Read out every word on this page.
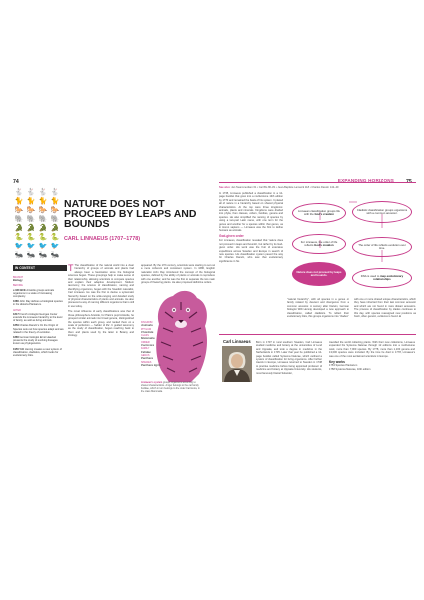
74	EXPANDING HORIZONS
See also: Jan Swammerdam 61 • Carl Bo 80–81 • Jean-Baptiste Lamarck 118 • Charles Darwin 142–49
🐇 🐇 🐇 🐇
🐈 🐈 🐈 🐈
🐎 🐎 🐎 🐎
🐘 🐘 🐘 🐘
🐊 🐊 🐊 🐊
🐍 🐍 🐍 🐍
🐦 🐦 🐦 🐦
🐜 🐜 🐜 🐜
NATURE DOES NOT PROCEED BY LEAPS AND BOUNDS
CARL LINNAEUS (1707–1778)
IN CONTEXT
BRANCH
Biology
BEFORE

c.320 BCE Aristotle groups animals organisms in a scale of increasing complexity.

1686 John Ray defines a biological species in his Historia Plantarum.

AFTER

1817 French zoologist Georges Cuvier extends the Linnaeus hierarchy to the level of family, as well as living animals.

1859 Charles Darwin's On the Origin of Species sets out how species adapt and are related in the theory of evolution.

1866 German biologist Ernst Haeckel presents the study of evolving lineages known as phylogenetics.

1950 Willi Hennig creates a new system of classification, cladistics, which looks for evolutionary links.

T The classification of the natural world into a clear hierarchy of groups of animals and plants had always been a fascination since the biological sciences began. These groupings help to make sense of their relationship, allowing scientists to compare species and explain their adaptive development. Modern taxonomy, the science of classification, naming and identifying organisms, began with the Swedish naturalist, Carl Linnaeus. He was the first to devise a systematic hierarchy based on the wide-ranging and detailed study of physical characteristics of plants and animals. He also pioneered a way of naming different organisms that is still in use today.
The novel influence of early classifications was that of those philosophers Aristotle, for Plato's pupil Aristotle, he grouped similar animals into broad genera, distinguished the species within each group, and ranked them on a scale of perfection — 'ladder of life'. It guided taxonomy as the study of classification, began reaching back to them and plants used by the latter in Botany and Zoology.
appeared. By the 17th century, scientists were starting to set out a more coherent and consistent system. In 1686, English naturalist John Ray introduced the concept of the biological species, defined by the ability of plants or animals to reproduce with one another, and he was the first to separate the two main groups of flowering plants. He also proposed definitive orders.
KINGDOM
Animalia
PHYLUM
Chordata
CLASS
Mammalia
ORDER
Carnivora
FAMILY
Felidae
GENUS
Panthera
SPECIES
Panthera tigris
Linnaeus's system groups organisms according to shared characteristics. A tiger belongs to the cat family Felidae, which in turn belongs to the order Carnivora, in the class Mammalia.
In 1735, Linnaeus published a classification in a 12-page booklet that grew into a multivolume 13th edition by 1770 and remained the basis of his system. It placed all of nature in a hierarchy based on shared physical characteristics. At the top were three kingdoms: animals, plants and minerals. Kingdoms were divided into phyla, then classes, orders, families, genera and species. He also simplified the naming of species by using a two-part Latin name, with one term for the genus and another for a species within that genus, as in Homo sapiens — Linnaeus was the first to define humans as animals.
God-given order
For Linnaeus, classification revealed that 'nature does not proceed in leaps and bounds', but rather by its God-given order. His work was the fruit of extensive expeditions across Sweden and Europe in search of new species. His classification system paved the way for Charles Darwin, who saw that evolutionary significance in his
Linnaean classification groups life with the God's creation
Cladistic classification groups organisms with a common ancestor.
For Linnaeus, the order of life reflects God's creation	The order of life reflects evolution over time.
Nature does not proceed by leaps and bounds.	DNA is used to map evolutionary relationships
"natural hierarchy", with all species in a genus or family related by descent and divergence from a common ancestor. A century after Darwin, German biologist Willi Hennig developed a new approach to classification, called cladistics. To reflect their evolutionary links, this groups organisms into "clades"
with one or more shared unique characteristics, which they have inherited from their last common ancestor and which are not found in more distant ancestors. The process of classification by clades continues to this day, with species reassigned new positions as fresh, often genetic, evidence is found. ■
Carl Linnaeus Born in 1707 in rural southern Sweden, Carl Linnaeus studied medicine and botany at the universities of Lund and Uppsala, and took a degree in medicine in the Netherlands in 1735. Later that year he published a 12-page booklet called Systema Naturae, which outlined a system of classification for living organisms. After further travels in Europe, Linnaeus returned to Sweden in 1738 to practise medicine before being appointed professor of medicine and botany at Uppsala University. His students, most famously Daniel Solander,
travelled the world collecting plants. With their new collections, Linnaeus expanded his Systema Naturae through 12 editions into a multivolume work, more than 7,000 species. By 1778, more than 1,100 genera and 13,000 species were included. By the time he died in 1778, Linnaeus's was one of the most acclaimed scientists in Europe.
Key works
1753 Species Plantarum
1758 Systema Naturae, 10th edition
